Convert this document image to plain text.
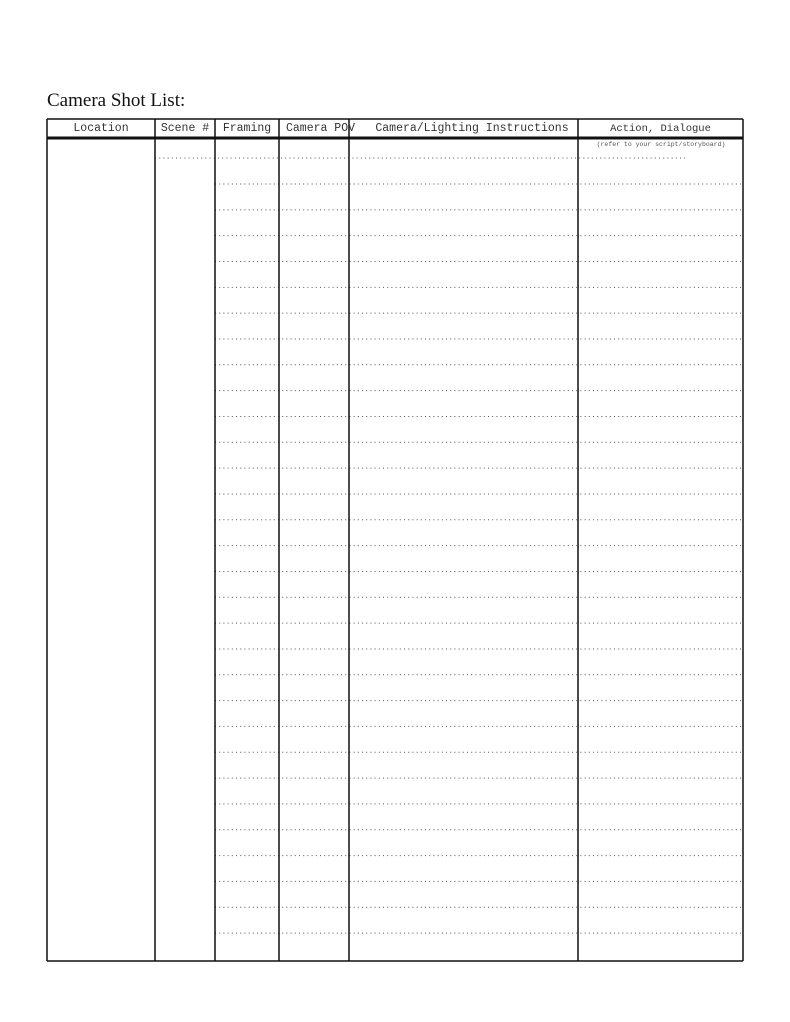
Camera Shot List:
Location	Scene #	Framing	Camera POV	Camera/Lighting Instructions	Action, Dialogue
(refer to your script/storyboard)
